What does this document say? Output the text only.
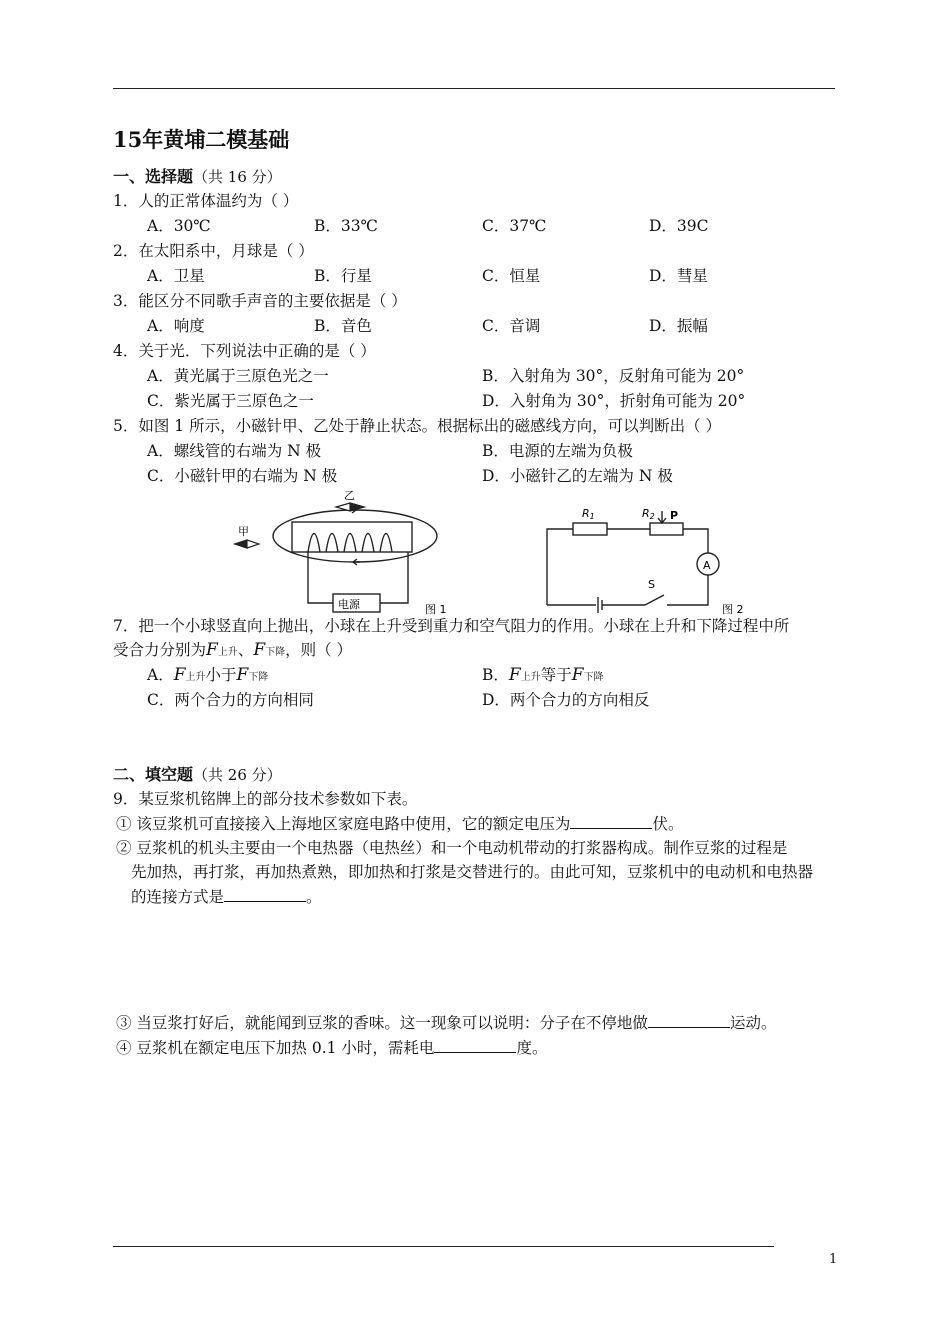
15年黄埔二模基础
一、选择题（共 16 分）
1．人的正常体温约为（ ）
A．30℃	B．33℃	C．37℃	D．39C
2．在太阳系中，月球是（ ）
A．卫星	B．行星	C．恒星	D．彗星
3．能区分不同歌手声音的主要依据是（ ）
A．响度	B．音色	C．音调	D．振幅
4．关于光．下列说法中正确的是（ ）
A．黄光属于三原色光之一	B．入射角为 30°，反射角可能为 20°
C．紫光属于三原色之一	D．入射角为 30°，折射角可能为 20°
5．如图 1 所示，小磁针甲、乙处于静止状态。根据标出的磁感线方向，可以判断出（ ）
A．螺线管的右端为 N 极	B．电源的左端为负极
C．小磁针甲的右端为 N 极	D．小磁针乙的左端为 N 极
乙
甲
电源	图 1
R1	R2 P
A
S
图 2
7．把一个小球竖直向上抛出，小球在上升受到重力和空气阻力的作用。小球在上升和下降过程中所
受合力分别为F上升、F下降，则（ ）
A．F上升小于F下降	B．F上升等于F下降
C．两个合力的方向相同	D．两个合力的方向相反
二、填空题（共 26 分）
9．某豆浆机铭牌上的部分技术参数如下表。
① 该豆浆机可直接接入上海地区家庭电路中使用，它的额定电压为	伏。
② 豆浆机的机头主要由一个电热器（电热丝）和一个电动机带动的打浆器构成。制作豆浆的过程是
先加热，再打浆，再加热煮熟，即加热和打浆是交替进行的。由此可知，豆浆机中的电动机和电热器
的连接方式是	。
③ 当豆浆打好后，就能闻到豆浆的香味。这一现象可以说明：分子在不停地做	运动。
④ 豆浆机在额定电压下加热 0.1 小时，需耗电	度。
1
